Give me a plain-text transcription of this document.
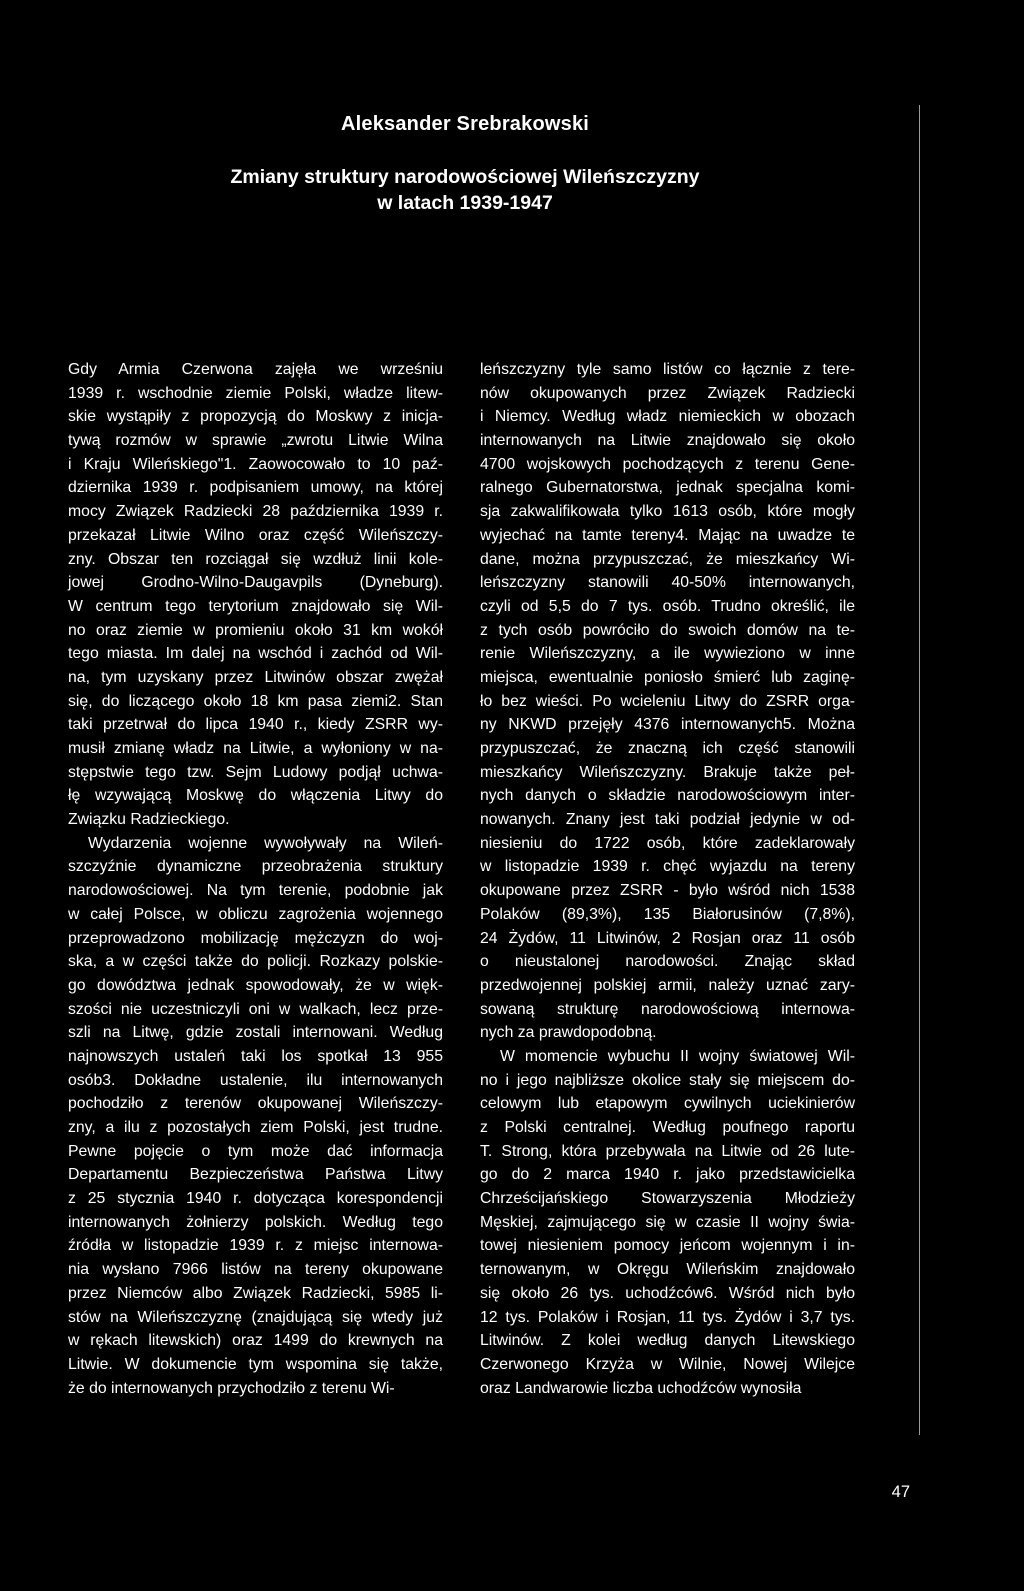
Aleksander Srebrakowski
Zmiany struktury narodowościowej Wileńszczyzny
w latach 1939-1947
Gdy Armia Czerwona zajęła we wrześniu
1939 r. wschodnie ziemie Polski, władze litew-
skie wystąpiły z propozycją do Moskwy z inicja-
tywą rozmów w sprawie „zwrotu Litwie Wilna
i Kraju Wileńskiego"1. Zaowocowało to 10 paź-
dziernika 1939 r. podpisaniem umowy, na której
mocy Związek Radziecki 28 października 1939 r.
przekazał Litwie Wilno oraz część Wileńszczy-
zny. Obszar ten rozciągał się wzdłuż linii kole-
jowej Grodno-Wilno-Daugavpils (Dyneburg).
W centrum tego terytorium znajdowało się Wil-
no oraz ziemie w promieniu około 31 km wokół
tego miasta. Im dalej na wschód i zachód od Wil-
na, tym uzyskany przez Litwinów obszar zwężał
się, do liczącego około 18 km pasa ziemi2. Stan
taki przetrwał do lipca 1940 r., kiedy ZSRR wy-
musił zmianę władz na Litwie, a wyłoniony w na-
stępstwie tego tzw. Sejm Ludowy podjął uchwa-
łę wzywającą Moskwę do włączenia Litwy do
Związku Radzieckiego.
Wydarzenia wojenne wywoływały na Wileń-
szczyźnie dynamiczne przeobrażenia struktury
narodowościowej. Na tym terenie, podobnie jak
w całej Polsce, w obliczu zagrożenia wojennego
przeprowadzono mobilizację mężczyzn do woj-
ska, a w części także do policji. Rozkazy polskie-
go dowództwa jednak spowodowały, że w więk-
szości nie uczestniczyli oni w walkach, lecz prze-
szli na Litwę, gdzie zostali internowani. Według
najnowszych ustaleń taki los spotkał 13 955
osób3. Dokładne ustalenie, ilu internowanych
pochodziło z terenów okupowanej Wileńszczy-
zny, a ilu z pozostałych ziem Polski, jest trudne.
Pewne pojęcie o tym może dać informacja
Departamentu Bezpieczeństwa Państwa Litwy
z 25 stycznia 1940 r. dotycząca korespondencji
internowanych żołnierzy polskich. Według tego
źródła w listopadzie 1939 r. z miejsc internowa-
nia wysłano 7966 listów na tereny okupowane
przez Niemców albo Związek Radziecki, 5985 li-
stów na Wileńszczyznę (znajdującą się wtedy już
w rękach litewskich) oraz 1499 do krewnych na
Litwie. W dokumencie tym wspomina się także,
że do internowanych przychodziło z terenu Wi-
leńszczyzny tyle samo listów co łącznie z tere-
nów okupowanych przez Związek Radziecki
i Niemcy. Według władz niemieckich w obozach
internowanych na Litwie znajdowało się około
4700 wojskowych pochodzących z terenu Gene-
ralnego Gubernatorstwa, jednak specjalna komi-
sja zakwalifikowała tylko 1613 osób, które mogły
wyjechać na tamte tereny4. Mając na uwadze te
dane, można przypuszczać, że mieszkańcy Wi-
leńszczyzny stanowili 40-50% internowanych,
czyli od 5,5 do 7 tys. osób. Trudno określić, ile
z tych osób powróciło do swoich domów na te-
renie Wileńszczyzny, a ile wywieziono w inne
miejsca, ewentualnie poniosło śmierć lub zaginę-
ło bez wieści. Po wcieleniu Litwy do ZSRR orga-
ny NKWD przejęły 4376 internowanych5. Można
przypuszczać, że znaczną ich część stanowili
mieszkańcy Wileńszczyzny. Brakuje także peł-
nych danych o składzie narodowościowym inter-
nowanych. Znany jest taki podział jedynie w od-
niesieniu do 1722 osób, które zadeklarowały
w listopadzie 1939 r. chęć wyjazdu na tereny
okupowane przez ZSRR - było wśród nich 1538
Polaków (89,3%), 135 Białorusinów (7,8%),
24 Żydów, 11 Litwinów, 2 Rosjan oraz 11 osób
o nieustalonej narodowości. Znając skład
przedwojennej polskiej armii, należy uznać zary-
sowaną strukturę narodowościową internowa-
nych za prawdopodobną.
W momencie wybuchu II wojny światowej Wil-
no i jego najbliższe okolice stały się miejscem do-
celowym lub etapowym cywilnych uciekinierów
z Polski centralnej. Według poufnego raportu
T. Strong, która przebywała na Litwie od 26 lute-
go do 2 marca 1940 r. jako przedstawicielka
Chrześcijańskiego Stowarzyszenia Młodzieży
Męskiej, zajmującego się w czasie II wojny świa-
towej niesieniem pomocy jeńcom wojennym i in-
ternowanym, w Okręgu Wileńskim znajdowało
się około 26 tys. uchodźców6. Wśród nich było
12 tys. Polaków i Rosjan, 11 tys. Żydów i 3,7 tys.
Litwinów. Z kolei według danych Litewskiego
Czerwonego Krzyża w Wilnie, Nowej Wilejce
oraz Landwarowie liczba uchodźców wynosiła
47
